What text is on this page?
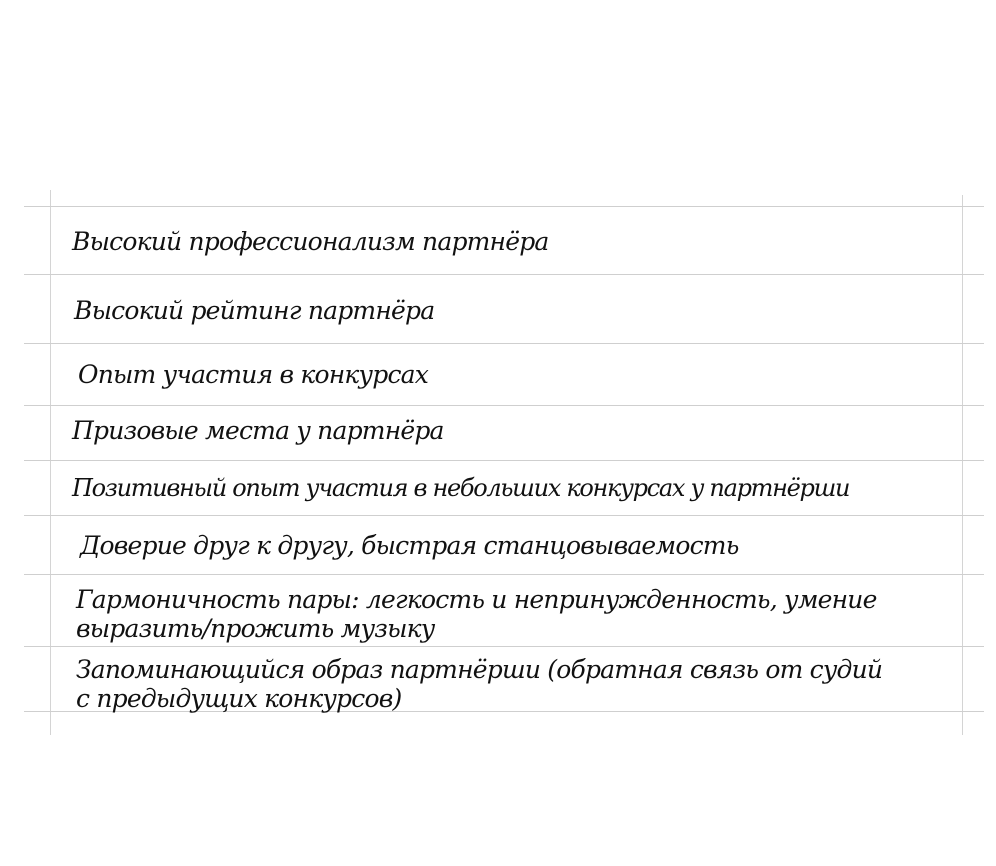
Высокий профессионализм партнёра
Высокий рейтинг партнёра
Опыт участия в конкурсах
Призовые места у партнёра
Позитивный опыт участия в небольших конкурсах у партнёрши
Доверие друг к другу, быстрая станцовываемость
Гармоничность пары: легкость и непринужденность, умение
выразить/прожить музыку
Запоминающийся образ партнёрши (обратная связь от судий
с предыдущих конкурсов)
